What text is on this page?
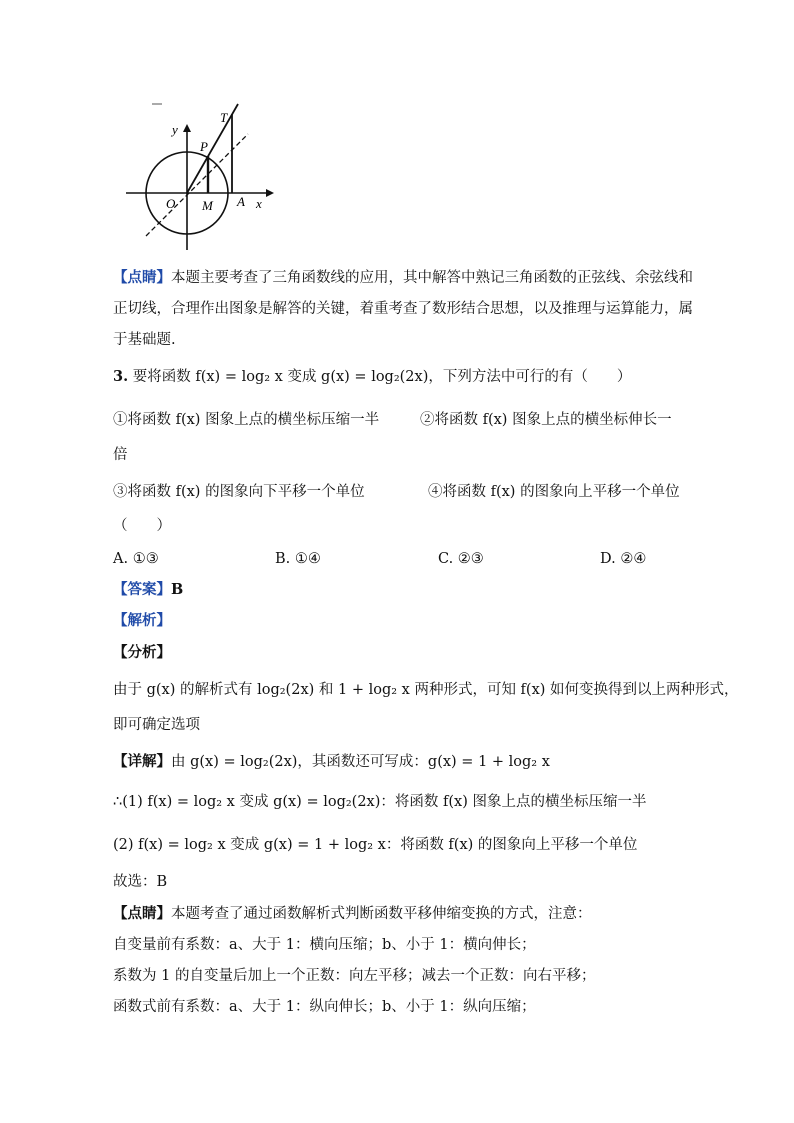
y
T
P
O M A x
【点睛】本题主要考查了三角函数线的应用，其中解答中熟记三角函数的正弦线、余弦线和
正切线，合理作出图象是解答的关键，着重考查了数形结合思想，以及推理与运算能力，属
于基础题.
3. 要将函数 f(x) = log₂ x 变成 g(x) = log₂(2x)，下列方法中可行的有（　　）
①将函数 f(x) 图象上点的横坐标压缩一半	②将函数 f(x) 图象上点的横坐标伸长一
倍
③将函数 f(x) 的图象向下平移一个单位	④将函数 f(x) 的图象向上平移一个单位
（　　）
A. ①③	B. ①④	C. ②③	D. ②④
【答案】B
【解析】
【分析】
由于 g(x) 的解析式有 log₂(2x) 和 1 + log₂ x 两种形式，可知 f(x) 如何变换得到以上两种形式，
即可确定选项
【详解】由 g(x) = log₂(2x)，其函数还可写成：g(x) = 1 + log₂ x
∴(1) f(x) = log₂ x 变成 g(x) = log₂(2x)：将函数 f(x) 图象上点的横坐标压缩一半
(2) f(x) = log₂ x 变成 g(x) = 1 + log₂ x：将函数 f(x) 的图象向上平移一个单位
故选：B
【点睛】本题考查了通过函数解析式判断函数平移伸缩变换的方式，注意：
自变量前有系数：a、大于 1：横向压缩；b、小于 1：横向伸长；
系数为 1 的自变量后加上一个正数：向左平移；减去一个正数：向右平移；
函数式前有系数：a、大于 1：纵向伸长；b、小于 1：纵向压缩；
